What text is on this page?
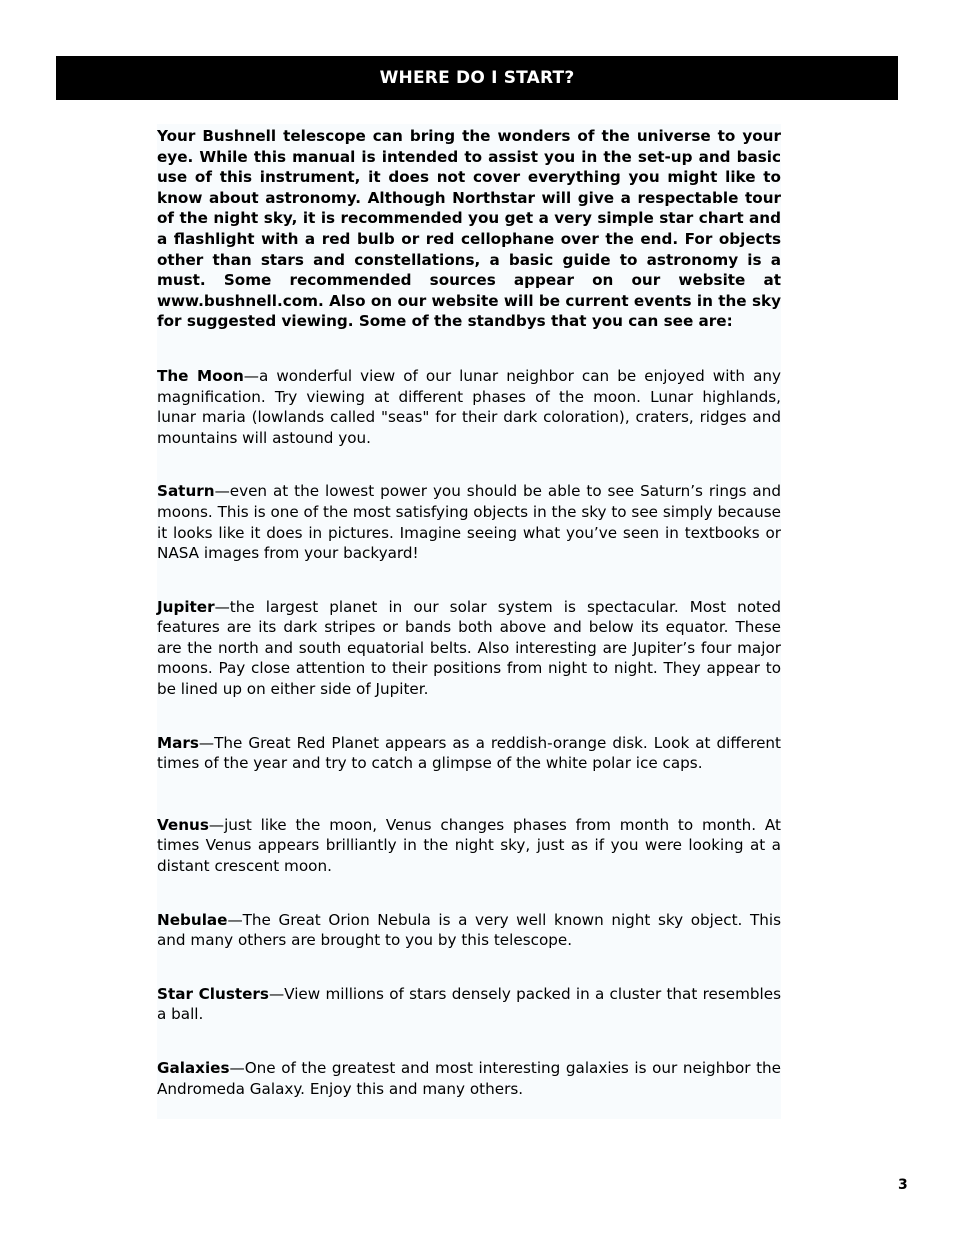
WHERE DO I START?

Your Bushnell telescope can bring the wonders of the universe to your eye. While this manual is intended to assist you in the set-up and basic use of this instrument, it does not cover everything you might like to know about astronomy. Although Northstar will give a respectable tour of the night sky, it is recommended you get a very simple star chart and a flashlight with a red bulb or red cellophane over the end. For objects other than stars and constellations, a basic guide to astronomy is a must. Some recommended sources appear on our website at www.bushnell.com. Also on our website will be current events in the sky for suggested viewing. Some of the standbys that you can see are:

The Moon—a wonderful view of our lunar neighbor can be enjoyed with any magnification. Try viewing at different phases of the moon. Lunar highlands, lunar maria (lowlands called "seas" for their dark coloration), craters, ridges and mountains will astound you.

Saturn—even at the lowest power you should be able to see Saturn’s rings and moons. This is one of the most satisfying objects in the sky to see simply because it looks like it does in pictures. Imagine seeing what you’ve seen in textbooks or NASA images from your backyard!

Jupiter—the largest planet in our solar system is spectacular. Most noted features are its dark stripes or bands both above and below its equator. These are the north and south equatorial belts. Also interesting are Jupiter’s four major moons. Pay close attention to their positions from night to night. They appear to be lined up on either side of Jupiter.

Mars—The Great Red Planet appears as a reddish-orange disk. Look at different times of the year and try to catch a glimpse of the white polar ice caps.

Venus—just like the moon, Venus changes phases from month to month. At times Venus appears brilliantly in the night sky, just as if you were looking at a distant crescent moon.

Nebulae—The Great Orion Nebula is a very well known night sky object. This and many others are brought to you by this telescope.

Star Clusters—View millions of stars densely packed in a cluster that resembles a ball.

Galaxies—One of the greatest and most interesting galaxies is our neighbor the Andromeda Galaxy. Enjoy this and many others.

3
